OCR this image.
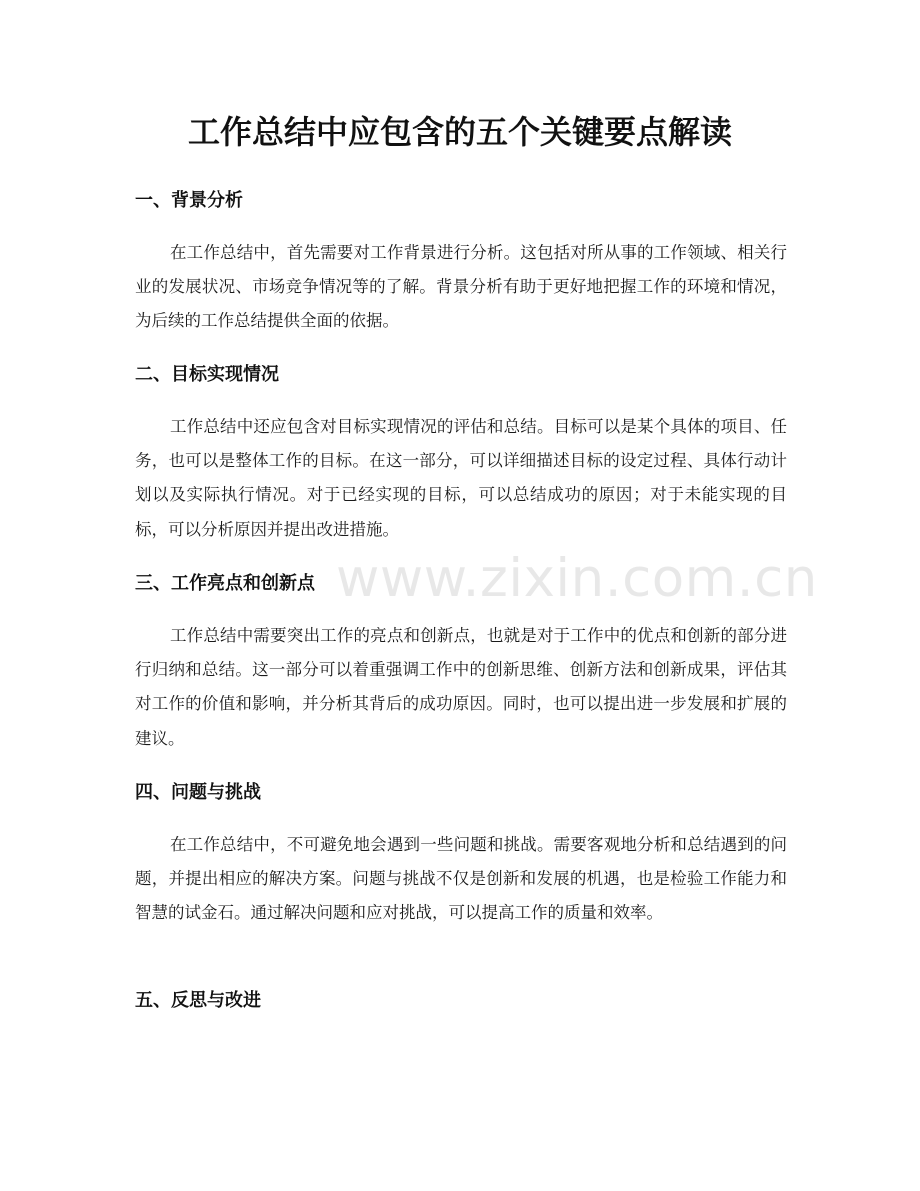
工作总结中应包含的五个关键要点解读
一、背景分析

在工作总结中，首先需要对工作背景进行分析。这包括对所从事的工作领域、相关行业的发展状况、市场竞争情况等的了解。背景分析有助于更好地把握工作的环境和情况，为后续的工作总结提供全面的依据。

二、目标实现情况

工作总结中还应包含对目标实现情况的评估和总结。目标可以是某个具体的项目、任务，也可以是整体工作的目标。在这一部分，可以详细描述目标的设定过程、具体行动计划以及实际执行情况。对于已经实现的目标，可以总结成功的原因；对于未能实现的目标，可以分析原因并提出改进措施。

三、工作亮点和创新点

工作总结中需要突出工作的亮点和创新点，也就是对于工作中的优点和创新的部分进行归纳和总结。这一部分可以着重强调工作中的创新思维、创新方法和创新成果，评估其对工作的价值和影响，并分析其背后的成功原因。同时，也可以提出进一步发展和扩展的建议。

四、问题与挑战

在工作总结中，不可避免地会遇到一些问题和挑战。需要客观地分析和总结遇到的问题，并提出相应的解决方案。问题与挑战不仅是创新和发展的机遇，也是检验工作能力和智慧的试金石。通过解决问题和应对挑战，可以提高工作的质量和效率。

五、反思与改进
www.zixin.com.cn
